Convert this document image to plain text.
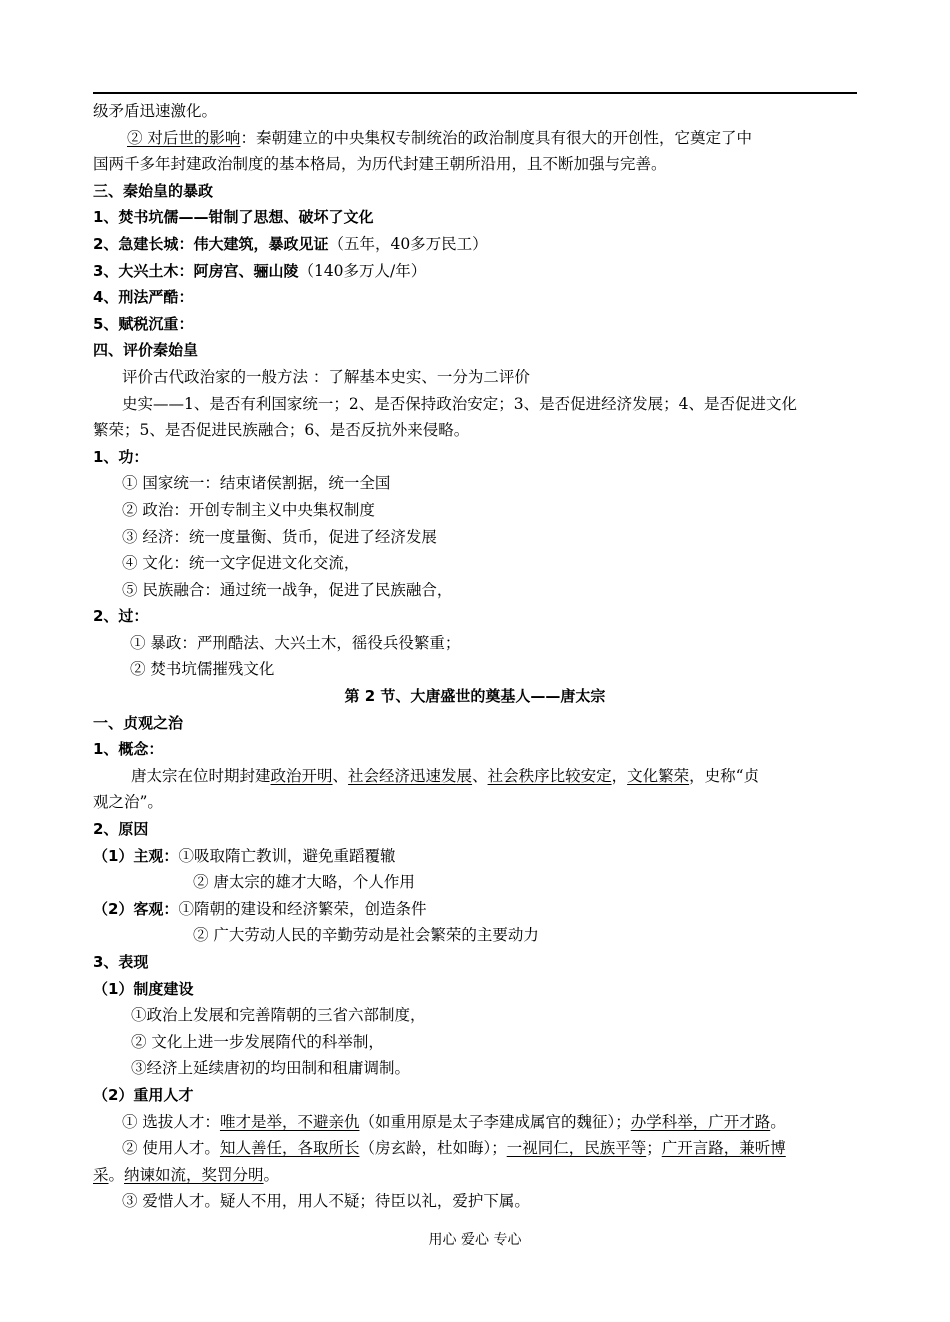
级矛盾迅速激化。
② 对后世的影响：秦朝建立的中央集权专制统治的政治制度具有很大的开创性，它奠定了中
国两千多年封建政治制度的基本格局，为历代封建王朝所沿用，且不断加强与完善。
三、秦始皇的暴政
1、焚书坑儒——钳制了思想、破坏了文化
2、急建长城：伟大建筑，暴政见证（五年，40多万民工）
3、大兴土木：阿房宫、骊山陵（140多万人/年）
4、刑法严酷：
5、赋税沉重：
四、评价秦始皇
评价古代政治家的一般方法 ：了解基本史实、一分为二评价
史实——1、是否有利国家统一；2、是否保持政治安定；3、是否促进经济发展；4、是否促进文化
繁荣；5、是否促进民族融合；6、是否反抗外来侵略。
1、功：
① 国家统一：结束诸侯割据，统一全国
② 政治：开创专制主义中央集权制度
③ 经济：统一度量衡、货币，促进了经济发展
④ 文化：统一文字促进文化交流，
⑤ 民族融合：通过统一战争，促进了民族融合，
2、过：
① 暴政：严刑酷法、大兴土木，徭役兵役繁重；
② 焚书坑儒摧残文化
第 2 节、大唐盛世的奠基人——唐太宗
一、贞观之治
1、概念：
唐太宗在位时期封建政治开明、社会经济迅速发展、社会秩序比较安定，文化繁荣，史称“贞
观之治”。
2、原因
（1）主观：①吸取隋亡教训，避免重蹈覆辙
② 唐太宗的雄才大略，个人作用
（2）客观：①隋朝的建设和经济繁荣，创造条件
② 广大劳动人民的辛勤劳动是社会繁荣的主要动力
3、表现
（1）制度建设
①政治上发展和完善隋朝的三省六部制度，
② 文化上进一步发展隋代的科举制，
③经济上延续唐初的均田制和租庸调制。
（2）重用人才
① 选拔人才：唯才是举，不避亲仇（如重用原是太子李建成属官的魏征）；办学科举，广开才路。
② 使用人才。知人善任，各取所长（房玄龄，杜如晦）；一视同仁，民族平等；广开言路，兼听博
采。纳谏如流，奖罚分明。
③ 爱惜人才。疑人不用，用人不疑；待臣以礼，爱护下属。
用心 爱心 专心
